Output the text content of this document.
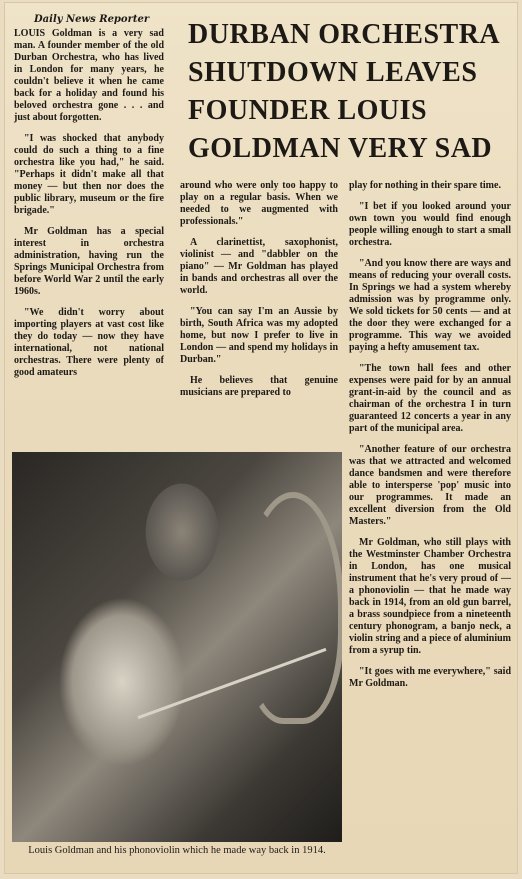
Daily News Reporter DURBAN ORCHESTRA SHUTDOWN LEAVES FOUNDER LOUIS GOLDMAN VERY SAD

LOUIS Goldman is a very sad man. A founder member of the old Durban Orchestra, who has lived in London for many years, he couldn't believe it when he came back for a holiday and found his beloved orchestra gone . . . and just about forgotten.

"I was shocked that anybody could do such a thing to a fine orchestra like you had," he said. "Perhaps it didn't make all that money — but then nor does the public library, museum or the fire brigade."

Mr Goldman has a special interest in orchestra administration, having run the Springs Municipal Orchestra from before World War 2 until the early 1960s.

"We didn't worry about importing players at vast cost like they do today — now they have international, not national orchestras. There were plenty of good amateurs

around who were only too happy to play on a regular basis. When we needed to we augmented with professionals."

A clarinettist, saxophonist, violinist — and "dabbler on the piano" — Mr Goldman has played in bands and orchestras all over the world.

"You can say I'm an Aussie by birth, South Africa was my adopted home, but now I prefer to live in London — and spend my holidays in Durban."

He believes that genuine musicians are prepared to

play for nothing in their spare time.

"I bet if you looked around your own town you would find enough people willing enough to start a small orchestra.

"And you know there are ways and means of reducing your overall costs. In Springs we had a system whereby admission was by programme only. We sold tickets for 50 cents — and at the door they were exchanged for a programme. This way we avoided paying a hefty amusement tax.

"The town hall fees and other expenses were paid for by an annual grant-in-aid by the council and as chairman of the orchestra I in turn guaranteed 12 concerts a year in any part of the municipal area.

"Another feature of our orchestra was that we attracted and welcomed dance bandsmen and were therefore able to intersperse 'pop' music into our programmes. It made an excellent diversion from the Old Masters."

Mr Goldman, who still plays with the Westminster Chamber Orchestra in London, has one musical instrument that he's very proud of — a phonoviolin — that he made way back in 1914, from an old gun barrel, a brass soundpiece from a nineteenth century phonogram, a banjo neck, a violin string and a piece of aluminium from a syrup tin.

"It goes with me everywhere," said Mr Goldman.

Louis Goldman and his phonoviolin which he made way back in 1914.
